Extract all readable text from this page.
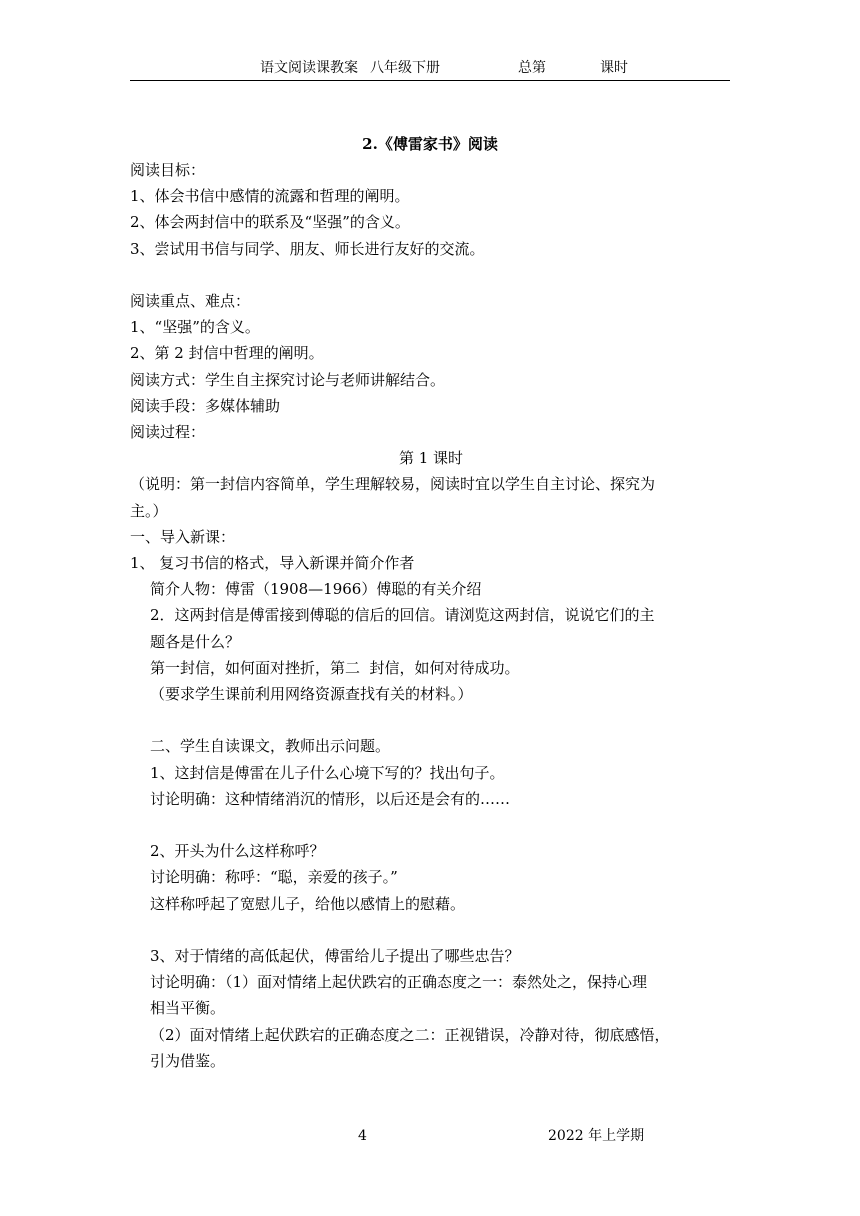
语文阅读课教案 八年级下册	总第	课时
2.《傅雷家书》阅读

阅读目标：

1、体会书信中感情的流露和哲理的阐明。

2、体会两封信中的联系及“坚强”的含义。

3、尝试用书信与同学、朋友、师长进行友好的交流。

阅读重点、难点：

1、“坚强”的含义。

2、第 2 封信中哲理的阐明。

阅读方式：学生自主探究讨论与老师讲解结合。

阅读手段：多媒体辅助

阅读过程：

第 1 课时

（说明：第一封信内容简单，学生理解较易，阅读时宜以学生自主讨论、探究为

主。）

一、导入新课：

1、 复习书信的格式，导入新课并简介作者

简介人物：傅雷（1908—1966）傅聪的有关介绍

2．这两封信是傅雷接到傅聪的信后的回信。请浏览这两封信，说说它们的主

题各是什么？

第一封信，如何面对挫折，第二  封信，如何对待成功。

（要求学生课前利用网络资源查找有关的材料。）

二、学生自读课文，教师出示问题。

1、这封信是傅雷在儿子什么心境下写的？找出句子。

讨论明确：这种情绪消沉的情形，以后还是会有的……

2、开头为什么这样称呼？

讨论明确：称呼：“聪，亲爱的孩子。”

这样称呼起了宽慰儿子，给他以感情上的慰藉。

3、对于情绪的高低起伏，傅雷给儿子提出了哪些忠告？

讨论明确：（1）面对情绪上起伏跌宕的正确态度之一：泰然处之，保持心理

相当平衡。

（2）面对情绪上起伏跌宕的正确态度之二：正视错误，冷静对待，彻底感悟，

引为借鉴。

4	2022 年上学期
